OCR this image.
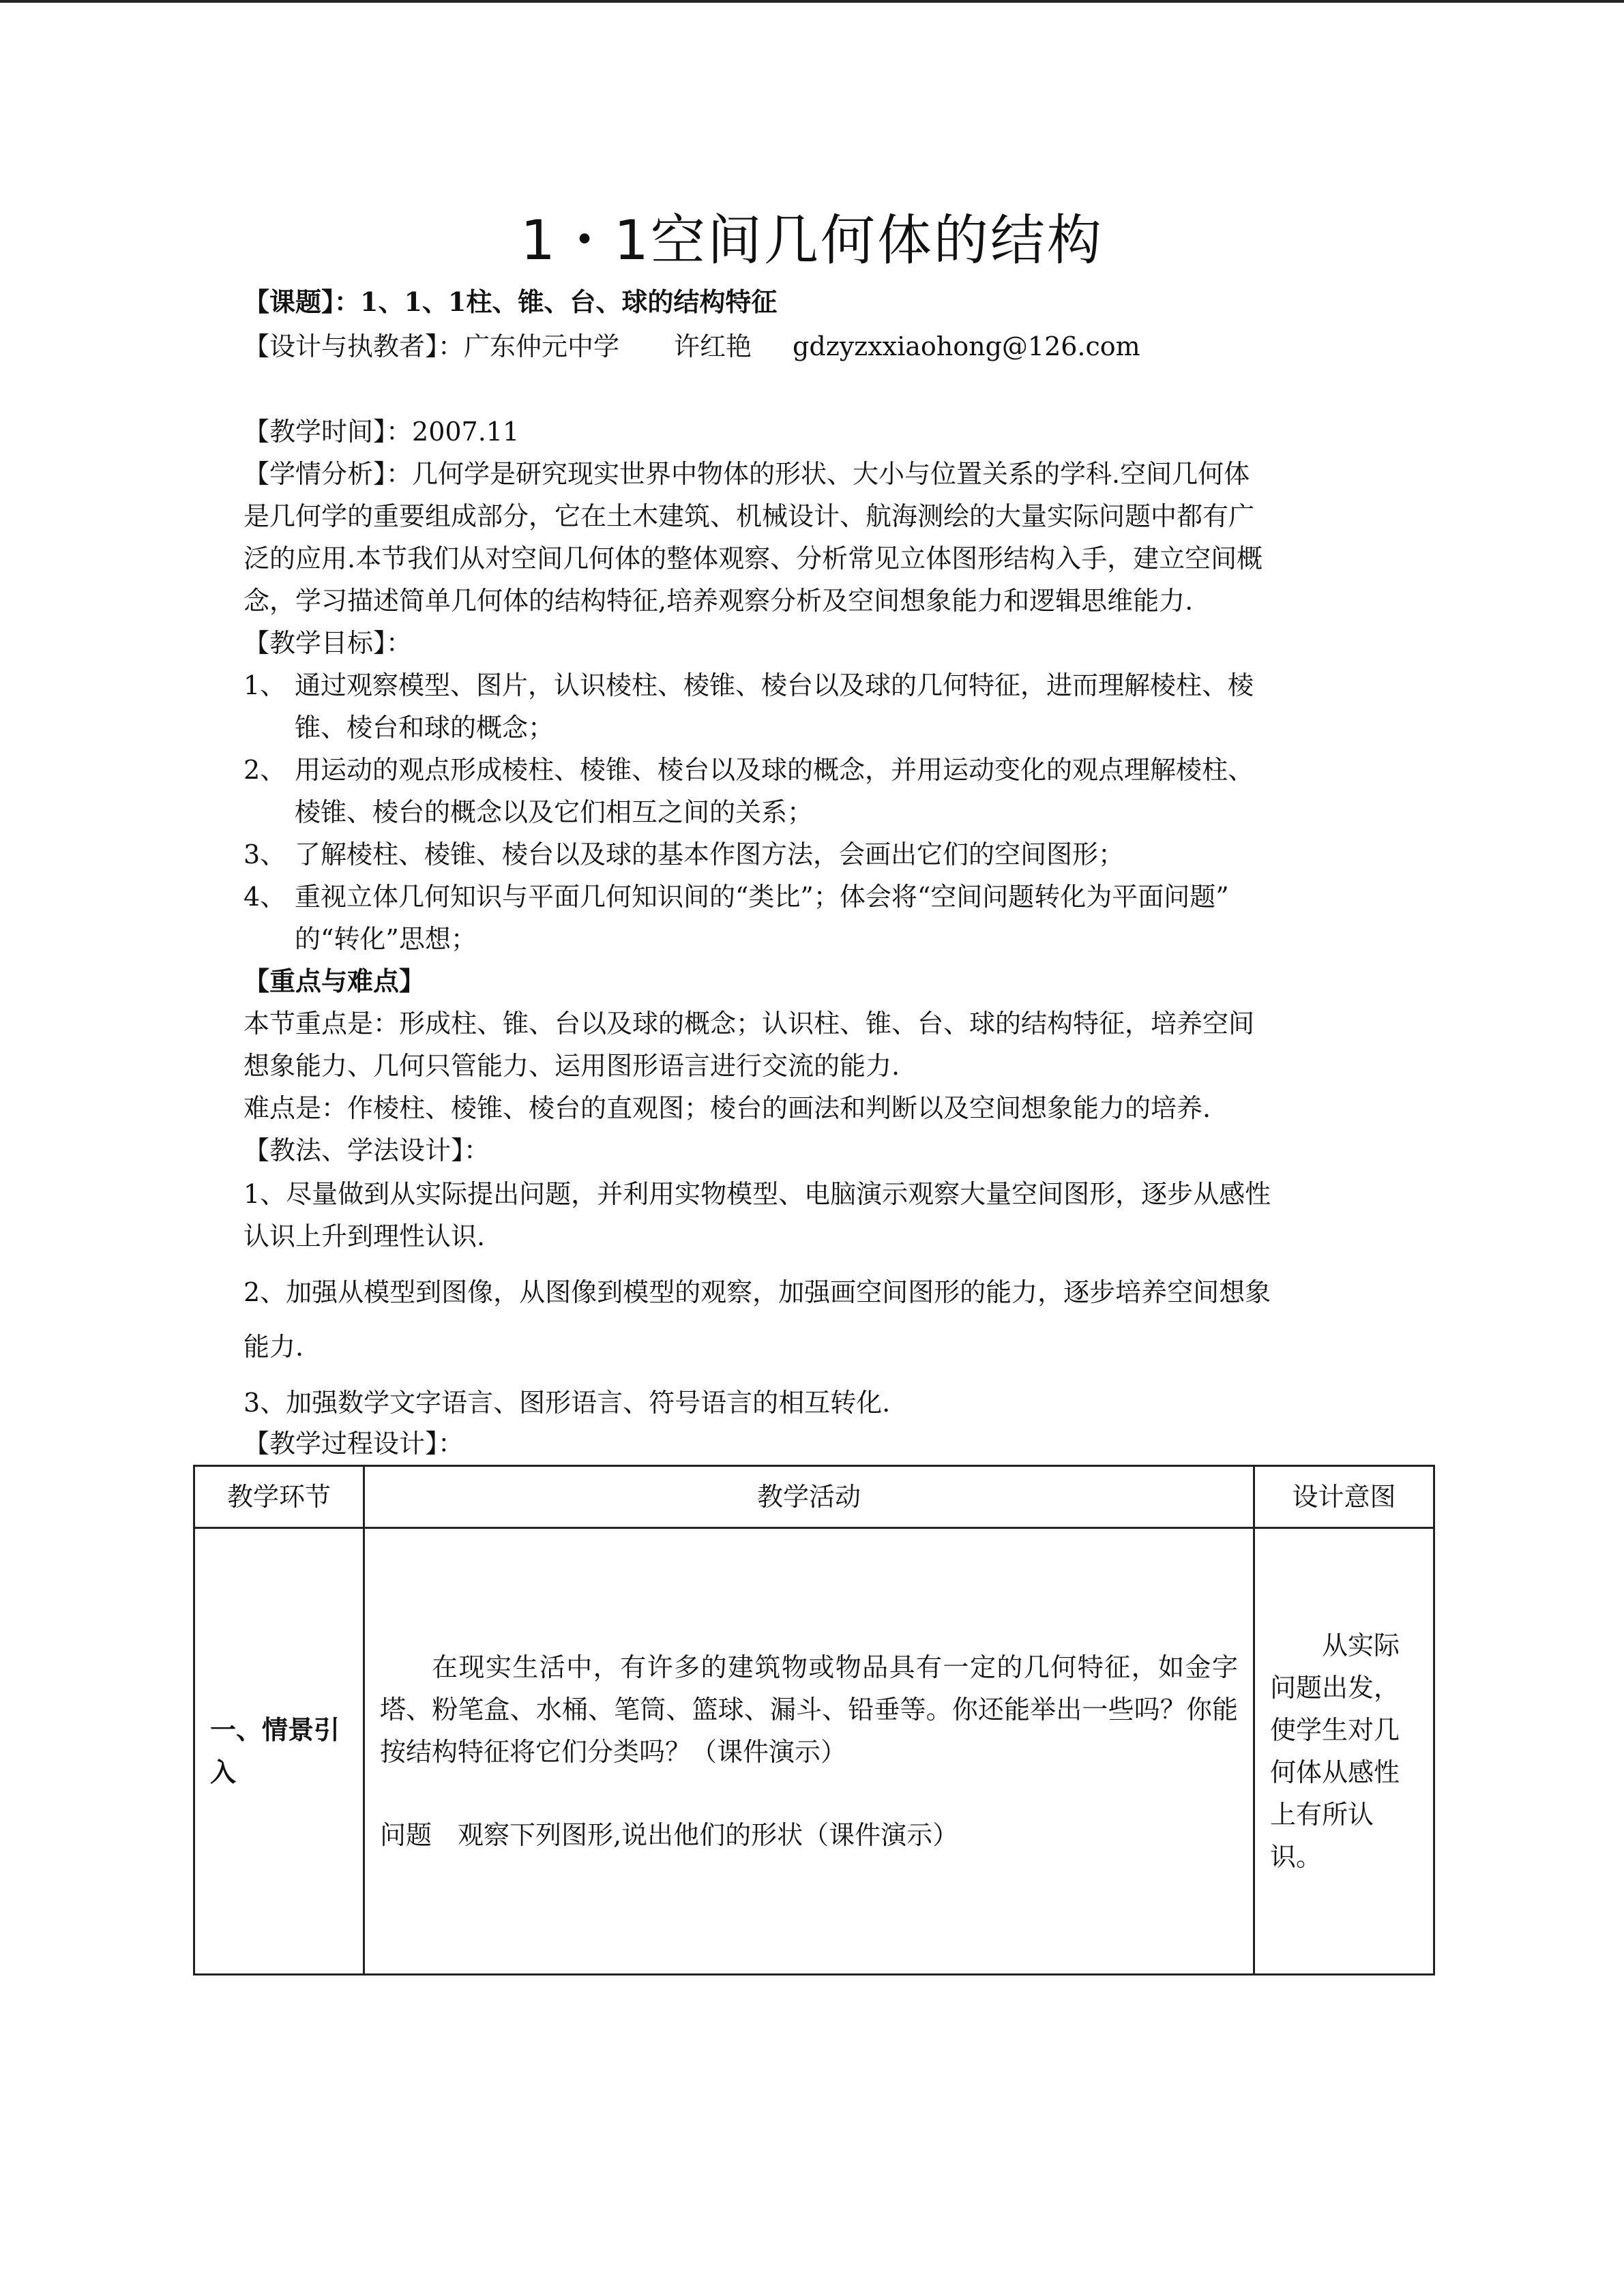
1・1空间几何体的结构
【课题】：1、1、1柱、锥、台、球的结构特征
【设计与执教者】：广东仲元中学 许红艳 gdzyzxxiaohong@126.com
【教学时间】：2007.11
【学情分析】：几何学是研究现实世界中物体的形状、大小与位置关系的学科.空间几何体
是几何学的重要组成部分，它在土木建筑、机械设计、航海测绘的大量实际问题中都有广
泛的应用.本节我们从对空间几何体的整体观察、分析常见立体图形结构入手，建立空间概
念，学习描述简单几何体的结构特征,培养观察分析及空间想象能力和逻辑思维能力.
【教学目标】：
1、 通过观察模型、图片，认识棱柱、棱锥、棱台以及球的几何特征，进而理解棱柱、棱
锥、棱台和球的概念；
2、 用运动的观点形成棱柱、棱锥、棱台以及球的概念，并用运动变化的观点理解棱柱、
棱锥、棱台的概念以及它们相互之间的关系；
3、 了解棱柱、棱锥、棱台以及球的基本作图方法，会画出它们的空间图形；
4、 重视立体几何知识与平面几何知识间的“类比”；体会将“空间问题转化为平面问题”
的“转化”思想；
【重点与难点】
本节重点是：形成柱、锥、台以及球的概念；认识柱、锥、台、球的结构特征，培养空间
想象能力、几何只管能力、运用图形语言进行交流的能力.
难点是：作棱柱、棱锥、棱台的直观图；棱台的画法和判断以及空间想象能力的培养.
【教法、学法设计】：
1、尽量做到从实际提出问题，并利用实物模型、电脑演示观察大量空间图形，逐步从感性
认识上升到理性认识.
2、加强从模型到图像，从图像到模型的观察，加强画空间图形的能力，逐步培养空间想象
能力.
3、加强数学文字语言、图形语言、符号语言的相互转化.
【教学过程设计】：
教学环节	教学活动	设计意图
一、情景引入	在现实生活中，有许多的建筑物或物品具有一定的几何特征，如金字塔、粉笔盒、水桶、笔筒、篮球、漏斗、铅垂等。你还能举出一些吗？你能按结构特征将它们分类吗？（课件演示）

问题　观察下列图形,说出他们的形状（课件演示）	从实际问题出发，使学生对几何体从感性上有所认识。
